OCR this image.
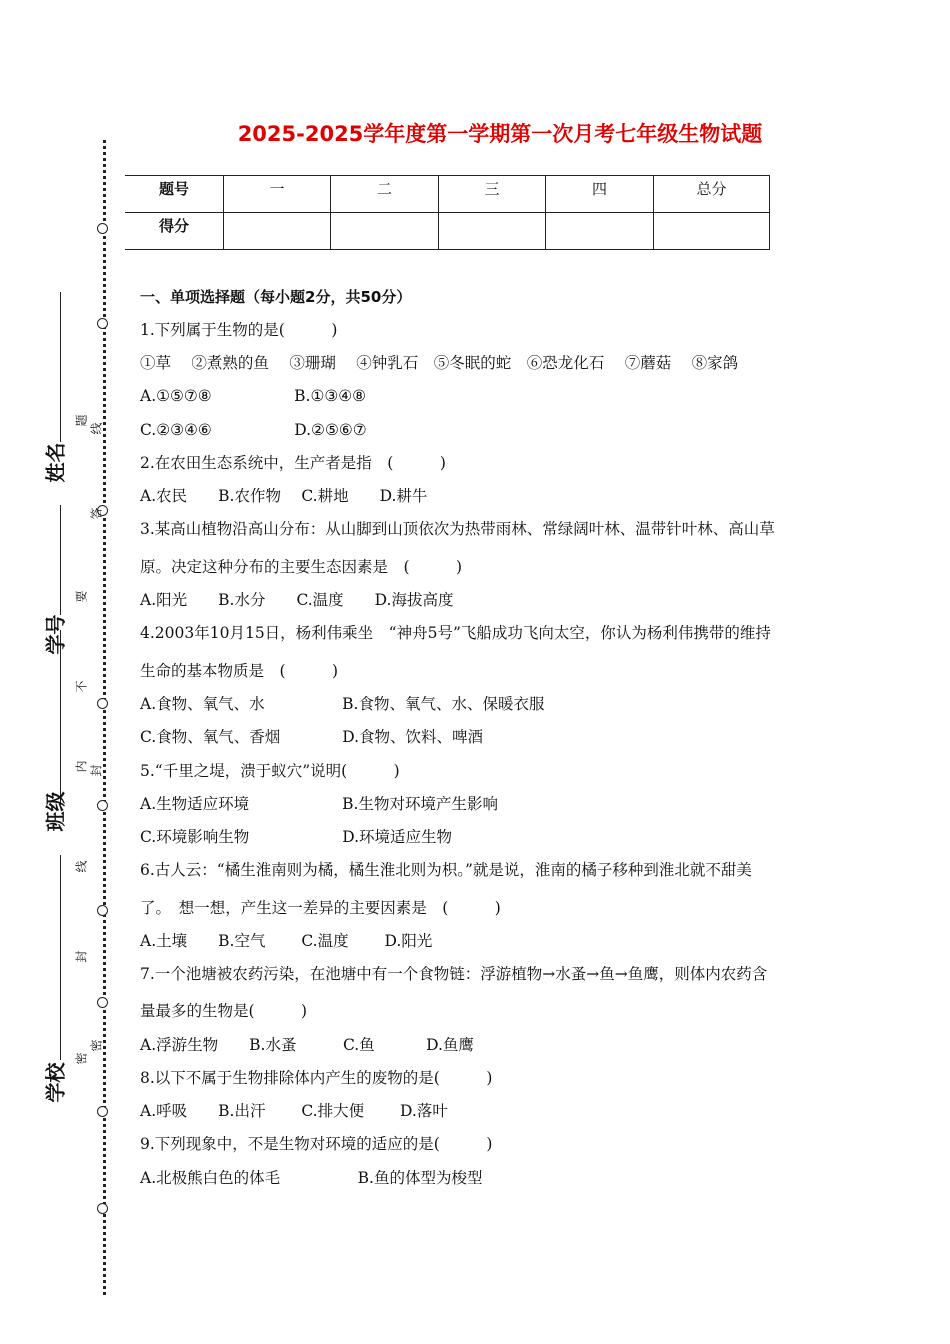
姓名
学号
班级
学校
题
线
答
要
不
内 封
线
封
密
密
2025-2025学年度第一学期第一次月考七年级生物试题
题号	一	二	三	四	总分

得分					

一、单项选择题（每小题2分，共50分）
1.下列属于生物的是(　　　)
①草　 ②煮熟的鱼　 ③珊瑚　 ④钟乳石　⑤冬眠的蛇　⑥恐龙化石　 ⑦蘑菇　 ⑧家鸽
A.①⑤⑦⑧　　　　　 B.①③④⑧
C.②③④⑥　　　　　 D.②⑤⑥⑦
2.在农田生态系统中，生产者是指　(　　　)
A.农民　　B.农作物　 C.耕地　　D.耕牛
3.某高山植物沿高山分布：从山脚到山顶依次为热带雨林、常绿阔叶林、温带针叶林、高山草
原。决定这种分布的主要生态因素是　(　　　)
A.阳光　　B.水分　　C.温度　　D.海拔高度
4.2003年10月15日，杨利伟乘坐　“神舟5号”飞船成功飞向太空，你认为杨利伟携带的维持
生命的基本物质是　(　　　)
A.食物、氧气、水　　　　　B.食物、氧气、水、保暖衣服
C.食物、氧气、香烟　　　　D.食物、饮料、啤酒
5.“千里之堤，溃于蚁穴”说明(　　　)
A.生物适应环境　　　　　　B.生物对环境产生影响
C.环境影响生物　　　　　　D.环境适应生物
6.古人云：“橘生淮南则为橘，橘生淮北则为枳。”就是说，淮南的橘子移种到淮北就不甜美
了。　想一想，产生这一差异的主要因素是　(　　　)
A.土壤　　B.空气　　 C.温度　　 D.阳光
7.一个池塘被农药污染，在池塘中有一个食物链：浮游植物→水蚤→鱼→鱼鹰，则体内农药含
量最多的生物是(　　　)
A.浮游生物　　B.水蚤　　　C.鱼　　　 D.鱼鹰
8.以下不属于生物排除体内产生的废物的是(　　　)
A.呼吸　　B.出汗　　 C.排大便　　 D.落叶
9.下列现象中，不是生物对环境的适应的是(　　　)
A.北极熊白色的体毛　　　　　B.鱼的体型为梭型
